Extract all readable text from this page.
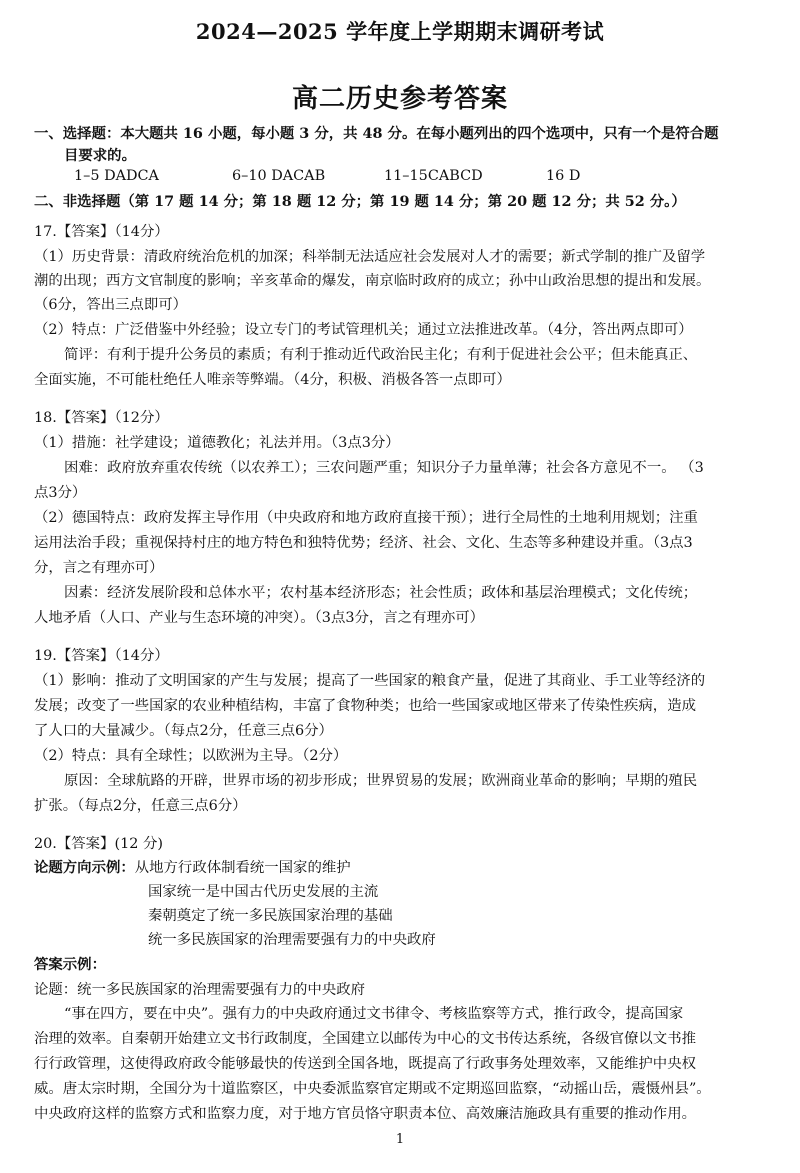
2024—2025 学年度上学期期末调研考试
高二历史参考答案
一、选择题：本大题共 16 小题，每小题 3 分，共 48 分。在每小题列出的四个选项中，只有一个是符合题
目要求的。
1–5 DADCA	6–10 DACAB	11–15CABCD	16 D
二、非选择题（第 17 题 14 分；第 18 题 12 分；第 19 题 14 分；第 20 题 12 分；共 52 分。）
17.【答案】（14分）
（1）历史背景：清政府统治危机的加深；科举制无法适应社会发展对人才的需要；新式学制的推广及留学
潮的出现；西方文官制度的影响；辛亥革命的爆发，南京临时政府的成立；孙中山政治思想的提出和发展。
（6分，答出三点即可）
（2）特点：广泛借鉴中外经验；设立专门的考试管理机关；通过立法推进改革。（4分，答出两点即可）
简评：有利于提升公务员的素质；有利于推动近代政治民主化；有利于促进社会公平；但未能真正、
全面实施，不可能杜绝任人唯亲等弊端。（4分，积极、消极各答一点即可）
18.【答案】（12分）
（1）措施：社学建设；道德教化；礼法并用。（3点3分）
困难：政府放弃重农传统（以农养工）；三农问题严重；知识分子力量单薄；社会各方意见不一。 （3
点3分）
（2）德国特点：政府发挥主导作用（中央政府和地方政府直接干预）；进行全局性的土地利用规划；注重
运用法治手段；重视保持村庄的地方特色和独特优势；经济、社会、文化、生态等多种建设并重。（3点3
分，言之有理亦可）
因素：经济发展阶段和总体水平；农村基本经济形态；社会性质；政体和基层治理模式；文化传统；
人地矛盾（人口、产业与生态环境的冲突）。（3点3分，言之有理亦可）
19.【答案】（14分）
（1）影响：推动了文明国家的产生与发展；提高了一些国家的粮食产量，促进了其商业、手工业等经济的
发展；改变了一些国家的农业种植结构，丰富了食物种类；也给一些国家或地区带来了传染性疾病，造成
了人口的大量减少。（每点2分，任意三点6分）
（2）特点：具有全球性；以欧洲为主导。（2分）
原因：全球航路的开辟，世界市场的初步形成；世界贸易的发展；欧洲商业革命的影响；早期的殖民
扩张。（每点2分，任意三点6分）
20.【答案】(12 分)
论题方向示例：从地方行政体制看统一国家的维护
国家统一是中国古代历史发展的主流
秦朝奠定了统一多民族国家治理的基础
统一多民族国家的治理需要强有力的中央政府
答案示例：
论题：统一多民族国家的治理需要强有力的中央政府
“事在四方，要在中央”。强有力的中央政府通过文书律令、考核监察等方式，推行政令，提高国家
治理的效率。自秦朝开始建立文书行政制度，全国建立以邮传为中心的文书传达系统，各级官僚以文书推
行行政管理，这使得政府政令能够最快的传送到全国各地，既提高了行政事务处理效率，又能维护中央权
威。唐太宗时期，全国分为十道监察区，中央委派监察官定期或不定期巡回监察，“动摇山岳，震慑州县”。
中央政府这样的监察方式和监察力度，对于地方官员恪守职责本位、高效廉洁施政具有重要的推动作用。
1
